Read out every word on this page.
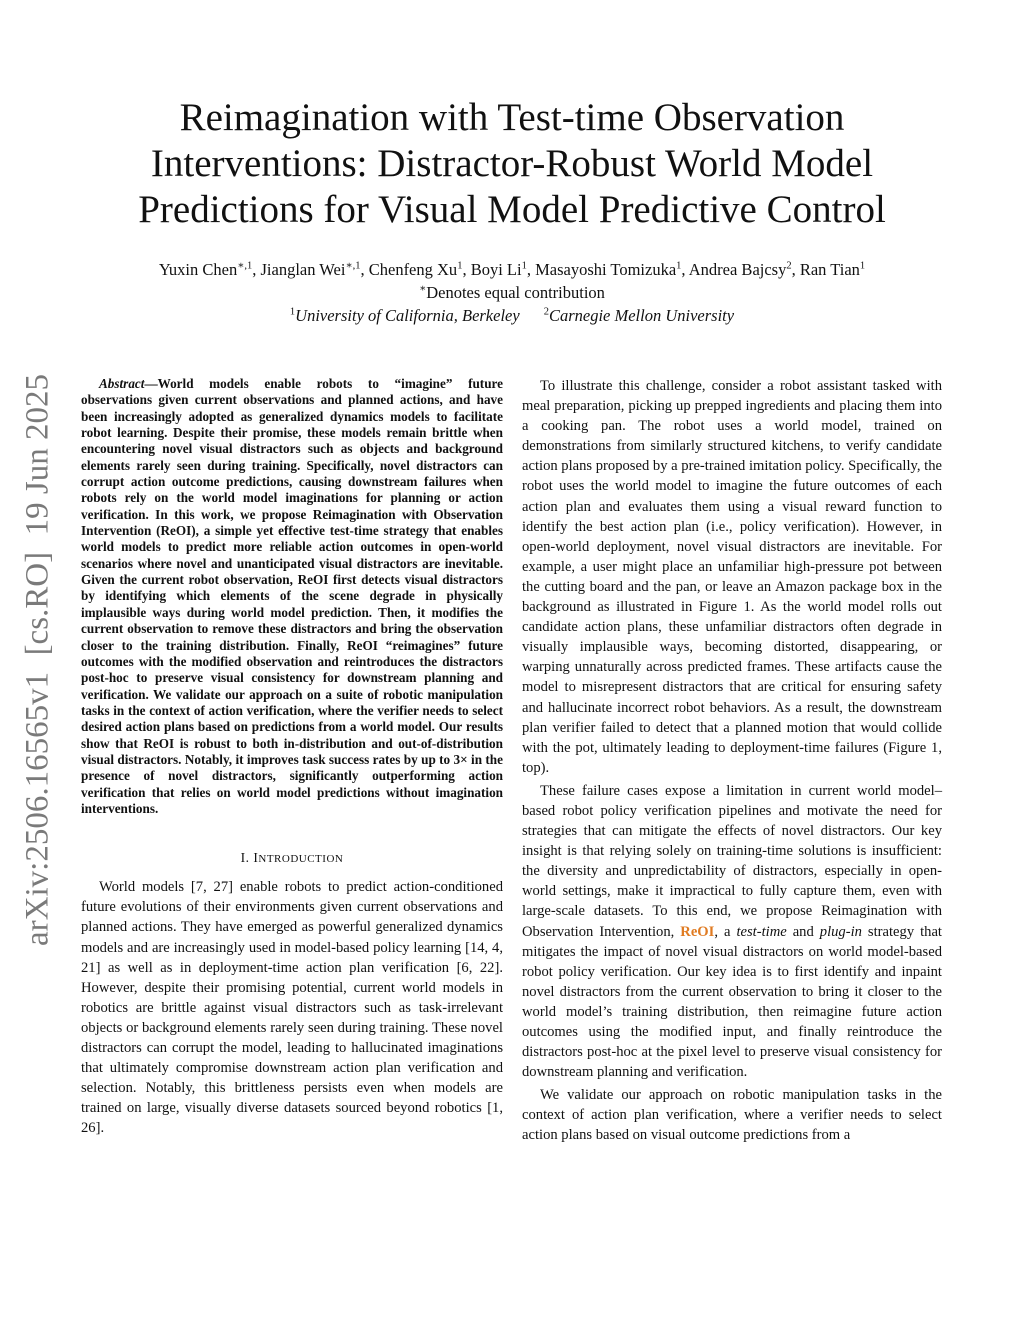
Reimagination with Test-time Observation Interventions: Distractor-Robust World Model Predictions for Visual Model Predictive Control
Yuxin Chen$^{∗,1}$, Jianglan Wei$^{∗,1}$, Chenfeng Xu$^1$, Boyi Li$^1$, Masayoshi Tomizuka$^1$, Andrea Bajcsy$^2$, Ran Tian$^1$
∗Denotes equal contribution
$^1$University of California, Berkeley $^2$Carnegie Mellon University
arXiv:2506.16565v1  [cs.RO]  19 Jun 2025	Abstract—World models enable robots to “imagine” future observations given current observations and planned actions, and have been increasingly adopted as generalized dynamics models to facilitate robot learning. Despite their promise, these models remain brittle when encountering novel visual distractors such as objects and background elements rarely seen during training. Specifically, novel distractors can corrupt action outcome predictions, causing downstream failures when robots rely on the world model imaginations for planning or action verification. In this work, we propose Reimagination with Observation Intervention (ReOI), a simple yet effective test-time strategy that enables world models to predict more reliable action outcomes in open-world scenarios where novel and unanticipated visual distractors are inevitable. Given the current robot observation, ReOI first detects visual distractors by identifying which elements of the scene degrade in physically implausible ways during world model prediction. Then, it modifies the current observation to remove these distractors and bring the observation closer to the training distribution. Finally, ReOI “reimagines” future outcomes with the modified observation and reintroduces the distractors post-hoc to preserve visual consistency for downstream planning and verification. We validate our approach on a suite of robotic manipulation tasks in the context of action verification, where the verifier needs to select desired action plans based on predictions from a world model. Our results show that ReOI is robust to both in-distribution and out-of-distribution visual distractors. Notably, it improves task success rates by up to 3× in the presence of novel distractors, significantly outperforming action verification that relies on world model predictions without imagination interventions.

I. INTRODUCTION

World models [7, 27] enable robots to predict action-conditioned future evolutions of their environments given current observations and planned actions. They have emerged as powerful generalized dynamics models and are increasingly used in model-based policy learning [14, 4, 21] as well as in deployment-time action plan verification [6, 22]. However, despite their promising potential, current world models in robotics are brittle against visual distractors such as task-irrelevant objects or background elements rarely seen during training. These novel distractors can corrupt the model, leading to hallucinated imaginations that ultimately compromise downstream action plan verification and selection. Notably, this brittleness persists even when models are trained on large, visually diverse datasets sourced beyond robotics [1, 26].

To illustrate this challenge, consider a robot assistant tasked with meal preparation, picking up prepped ingredients and placing them into a cooking pan. The robot uses a world model, trained on demonstrations from similarly structured kitchens, to verify candidate action plans proposed by a pre-trained imitation policy. Specifically, the robot uses the world model to imagine the future outcomes of each action plan and evaluates them using a visual reward function to identify the best action plan (i.e., policy verification). However, in open-world deployment, novel visual distractors are inevitable. For example, a user might place an unfamiliar high-pressure pot between the cutting board and the pan, or leave an Amazon package box in the background as illustrated in Figure 1. As the world model rolls out candidate action plans, these unfamiliar distractors often degrade in visually implausible ways, becoming distorted, disappearing, or warping unnaturally across predicted frames. These artifacts cause the model to misrepresent distractors that are critical for ensuring safety and hallucinate incorrect robot behaviors. As a result, the downstream plan verifier failed to detect that a planned motion that would collide with the pot, ultimately leading to deployment-time failures (Figure 1, top).

These failure cases expose a limitation in current world model–based robot policy verification pipelines and motivate the need for strategies that can mitigate the effects of novel distractors. Our key insight is that relying solely on training-time solutions is insufficient: the diversity and unpredictability of distractors, especially in open-world settings, make it impractical to fully capture them, even with large-scale datasets. To this end, we propose Reimagination with Observation Intervention, ReOI, a test-time and plug-in strategy that mitigates the impact of novel visual distractors on world model-based robot policy verification. Our key idea is to first identify and inpaint novel distractors from the current observation to bring it closer to the world model’s training distribution, then reimagine future action outcomes using the modified input, and finally reintroduce the distractors post-hoc at the pixel level to preserve visual consistency for downstream planning and verification.

We validate our approach on robotic manipulation tasks in the context of action plan verification, where a verifier needs to select action plans based on visual outcome predictions from a
